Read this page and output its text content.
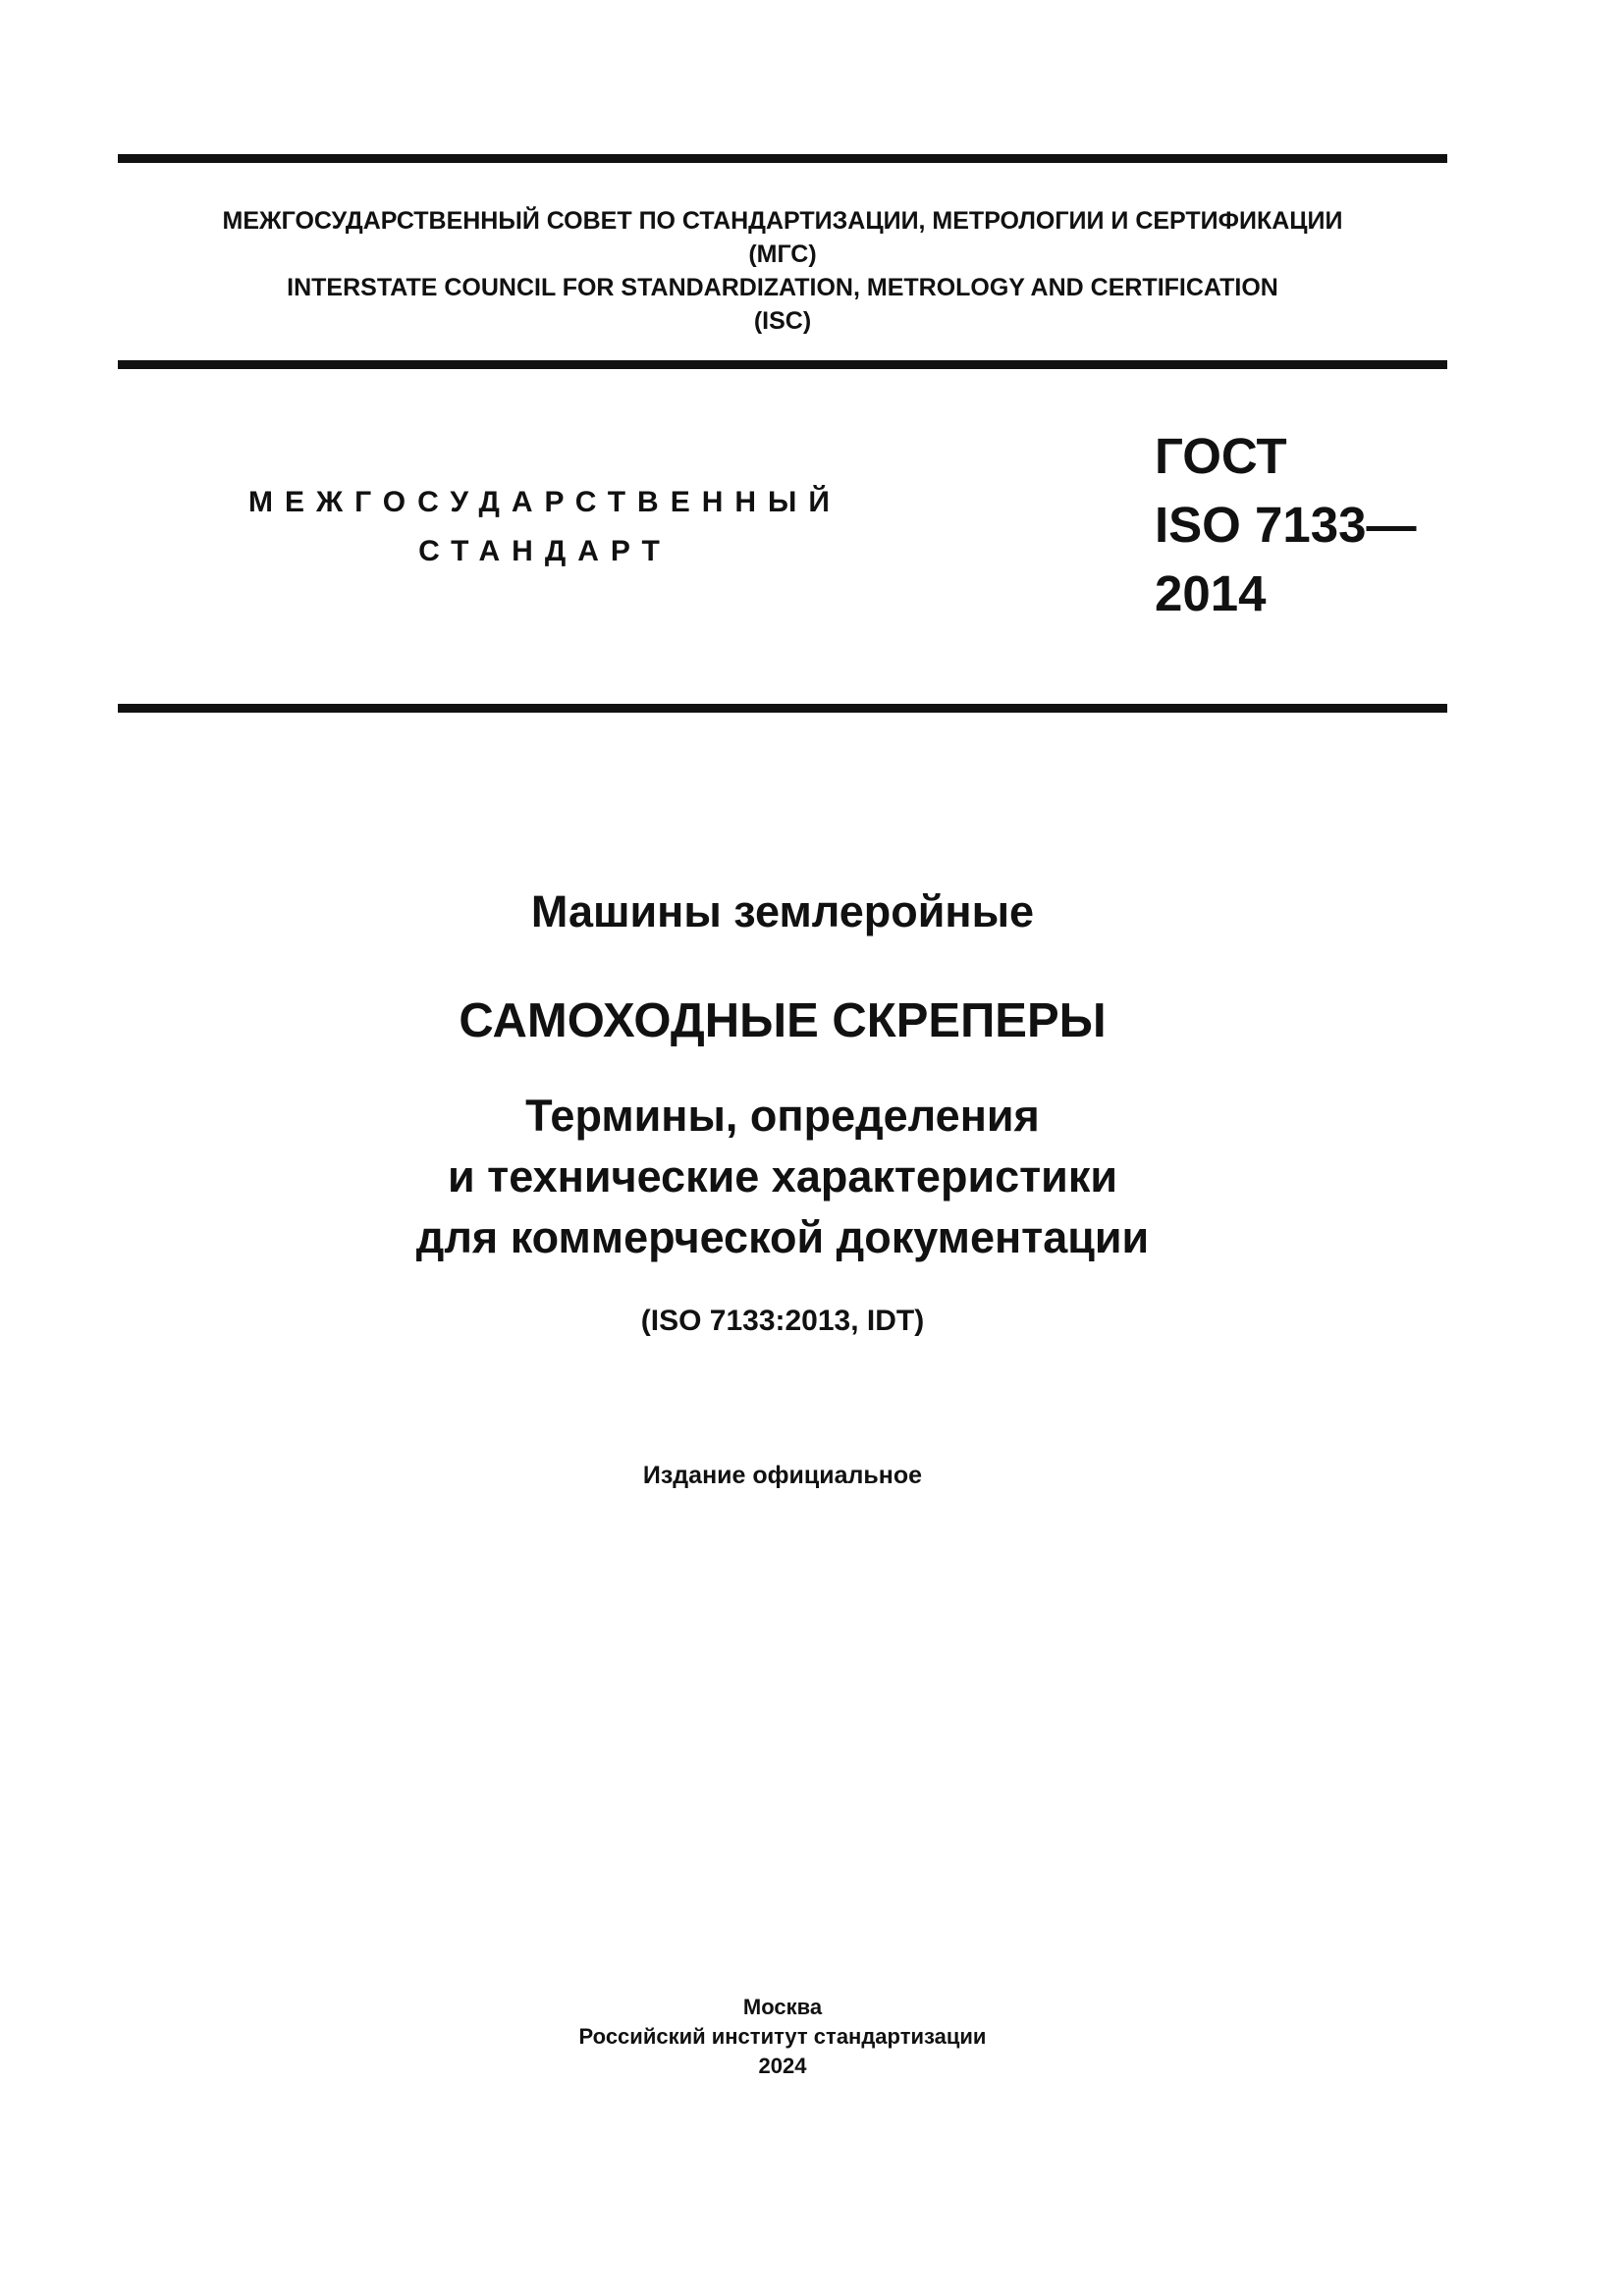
МЕЖГОСУДАРСТВЕННЫЙ СОВЕТ ПО СТАНДАРТИЗАЦИИ, МЕТРОЛОГИИ И СЕРТИФИКАЦИИ
(МГС)
INTERSTATE COUNCIL FOR STANDARDIZATION, METROLOGY AND CERTIFICATION
(ISC)
МЕЖГОСУДАРСТВЕННЫЙ
СТАНДАРТ
ГОСТ
ISO 7133—
2014
Машины землеройные
САМОХОДНЫЕ СКРЕПЕРЫ
Термины, определения
и технические характеристики
для коммерческой документации
(ISO 7133:2013, IDT)
Издание официальное
Москва
Российский институт стандартизации
2024
